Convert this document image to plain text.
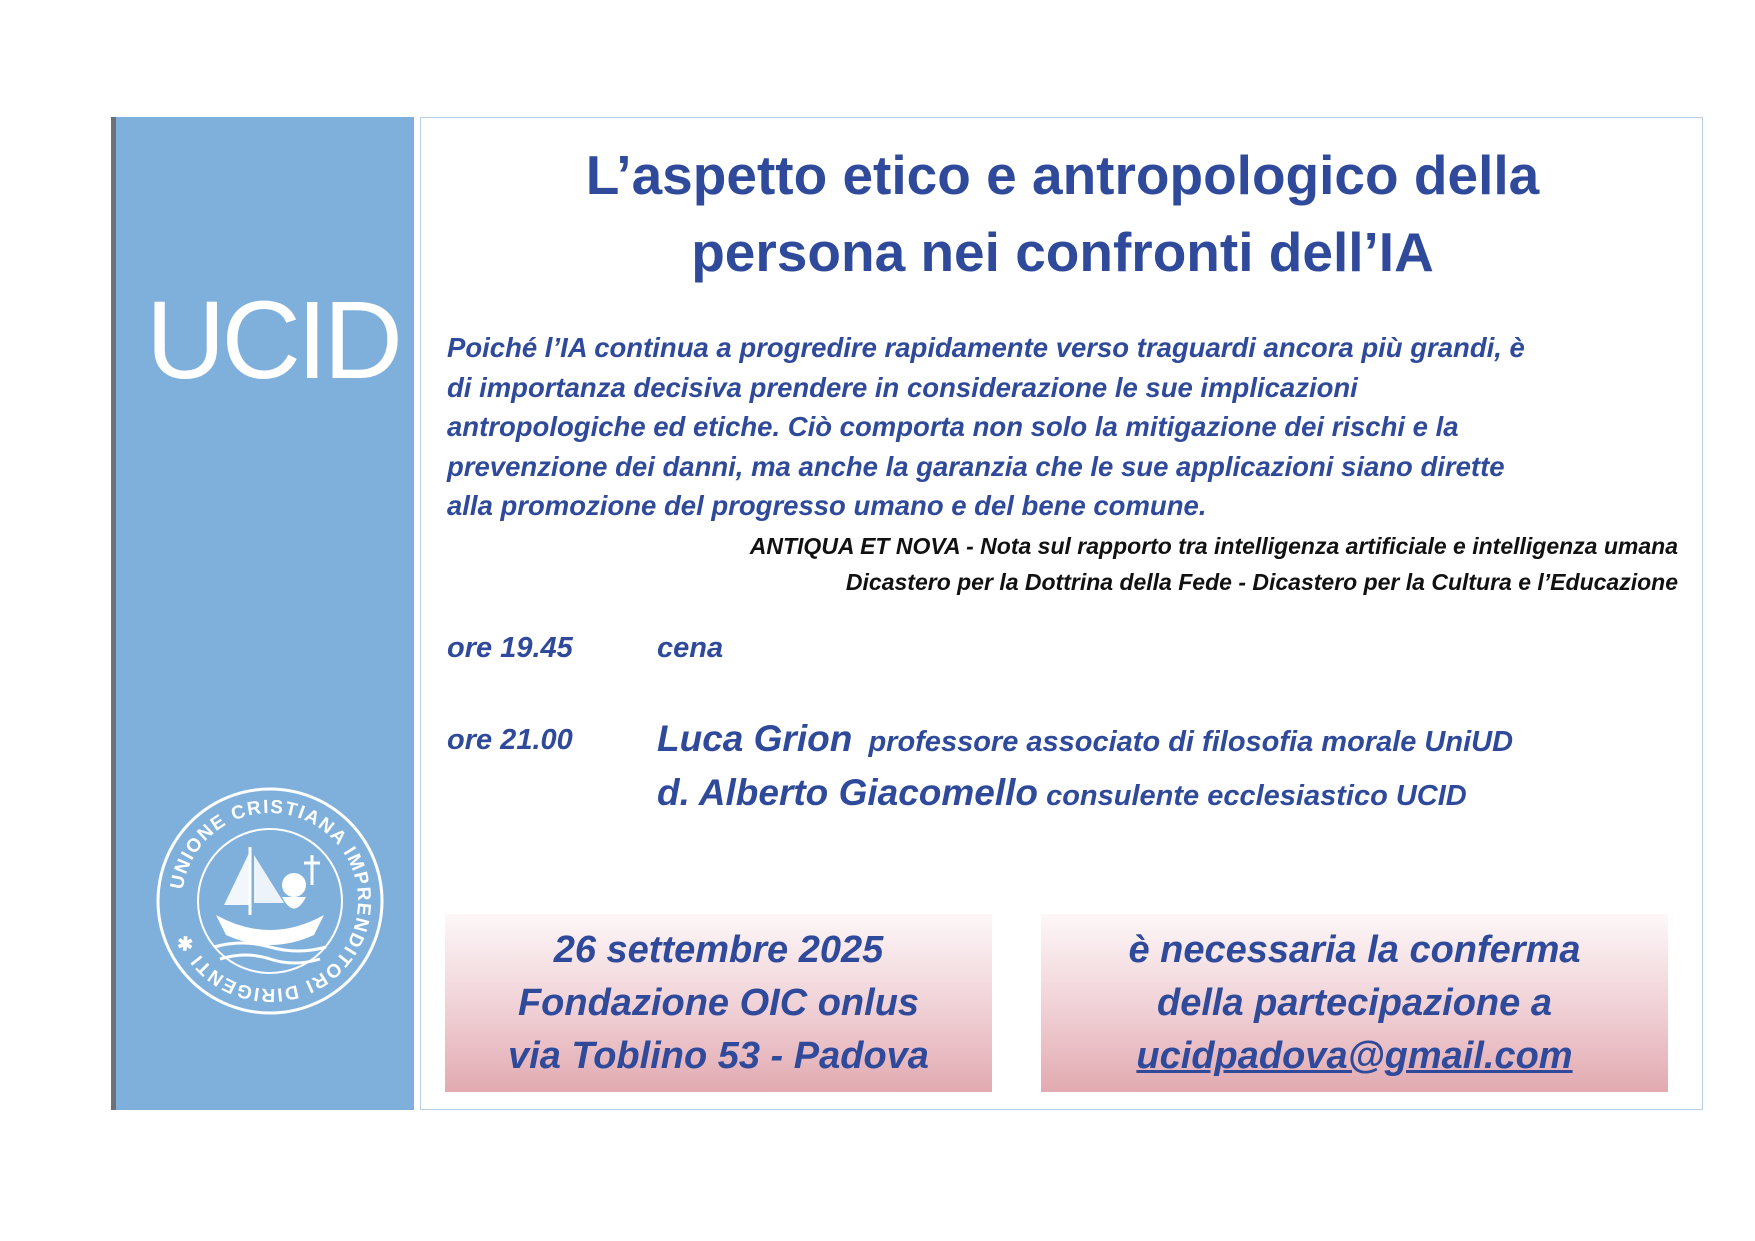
UCID
UNIONE CRISTIANA IMPRENDITORI DIRIGENTI ✱
L’aspetto etico e antropologico della
persona nei confronti dell’IA
Poiché l’IA continua a progredire rapidamente verso traguardi ancora più grandi, è
di importanza decisiva prendere in considerazione le sue implicazioni
antropologiche ed etiche. Ciò comporta non solo la mitigazione dei rischi e la
prevenzione dei danni, ma anche la garanzia che le sue applicazioni siano dirette
alla promozione del progresso umano e del bene comune.
ANTIQUA ET NOVA - Nota sul rapporto tra intelligenza artificiale e intelligenza umana
Dicastero per la Dottrina della Fede - Dicastero per la Cultura e l’Educazione
ore 19.45	cena
ore 21.00	Luca Grion professore associato di filosofia morale UniUD
d. Alberto Giacomello consulente ecclesiastico UCID
26 settembre 2025
Fondazione OIC onlus
via Toblino 53 - Padova
è necessaria la conferma
della partecipazione a
ucidpadova@gmail.com
